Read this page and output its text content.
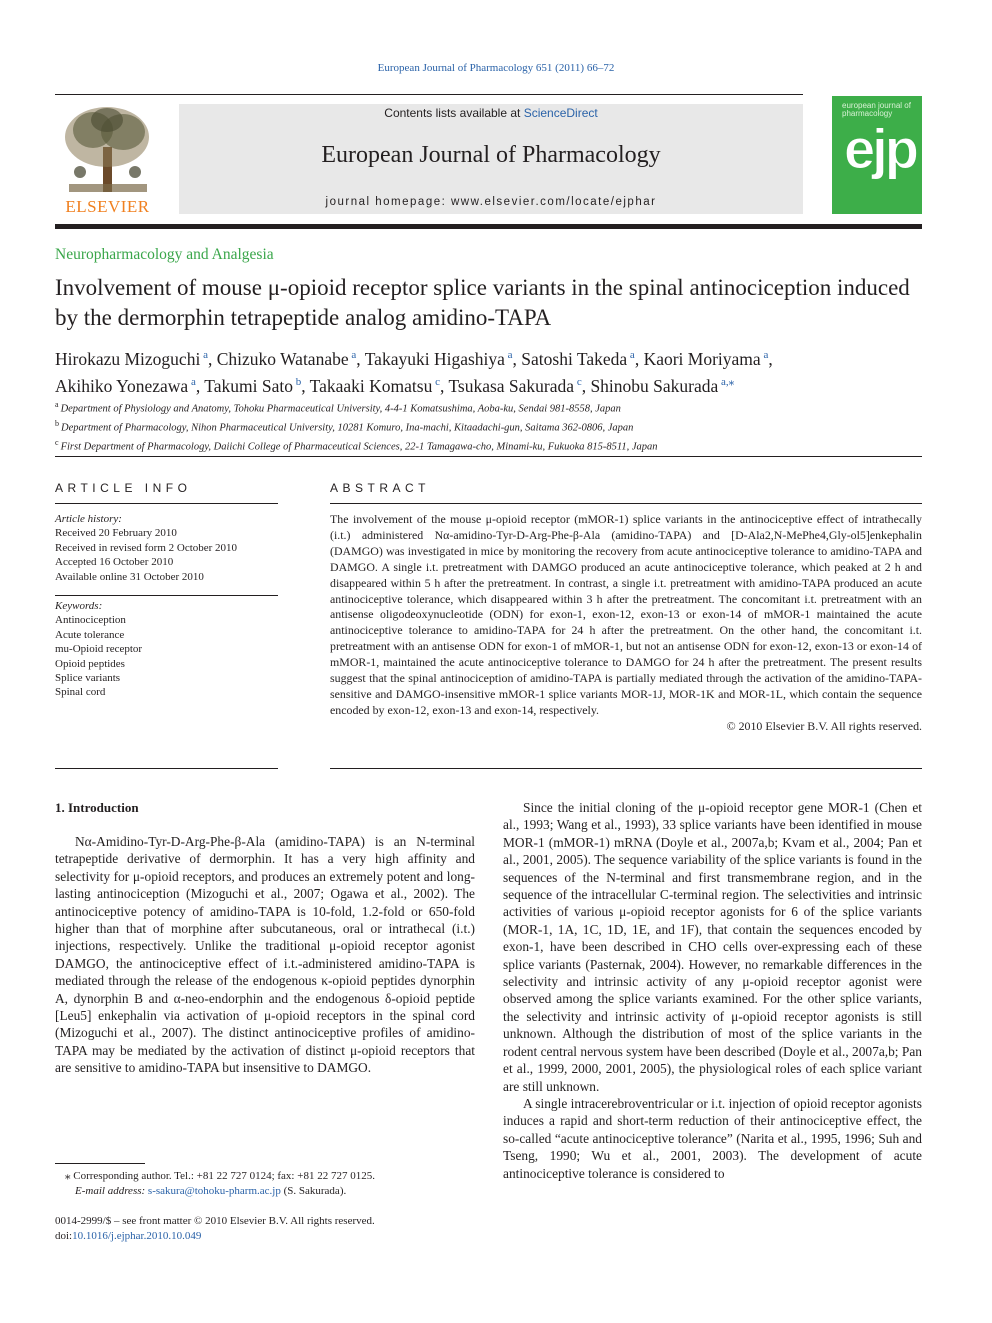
European Journal of Pharmacology 651 (2011) 66–72
ELSEVIER
Contents lists available at ScienceDirect
European Journal of Pharmacology
journal homepage: www.elsevier.com/locate/ejphar
european journal of pharmacology
ejp
Neuropharmacology and Analgesia
Involvement of mouse μ-opioid receptor splice variants in the spinal antinociception induced by the dermorphin tetrapeptide analog amidino-TAPA
Hirokazu Mizoguchi $^a$, Chizuko Watanabe $^a$, Takayuki Higashiya $^a$, Satoshi Takeda $^a$, Kaori Moriyama $^a$,
Akihiko Yonezawa $^a$, Takumi Sato $^b$, Takaaki Komatsu $^c$, Tsukasa Sakurada $^c$, Shinobu Sakurada $^{a,⁎}$
$^a$ Department of Physiology and Anatomy, Tohoku Pharmaceutical University, 4-4-1 Komatsushima, Aoba-ku, Sendai 981-8558, Japan
$^b$ Department of Pharmacology, Nihon Pharmaceutical University, 10281 Komuro, Ina-machi, Kitaadachi-gun, Saitama 362-0806, Japan
$^c$ First Department of Pharmacology, Daiichi College of Pharmaceutical Sciences, 22-1 Tamagawa-cho, Minami-ku, Fukuoka 815-8511, Japan
ARTICLE INFO	ABSTRACT
Article history:
Received 20 February 2010
Received in revised form 2 October 2010
Accepted 16 October 2010
Available online 31 October 2010
Keywords:
Antinociception
Acute tolerance
mu-Opioid receptor
Opioid peptides
Splice variants
Spinal cord
The involvement of the mouse μ-opioid receptor (mMOR-1) splice variants in the antinociceptive effect of intrathecally (i.t.) administered Nα-amidino-Tyr-D-Arg-Phe-β-Ala (amidino-TAPA) and [D-Ala2,N-MePhe4,Gly-ol5]enkephalin (DAMGO) was investigated in mice by monitoring the recovery from acute antinociceptive tolerance to amidino-TAPA and DAMGO. A single i.t. pretreatment with DAMGO produced an acute antinociceptive tolerance, which peaked at 2 h and disappeared within 5 h after the pretreatment. In contrast, a single i.t. pretreatment with amidino-TAPA produced an acute antinociceptive tolerance, which disappeared within 3 h after the pretreatment. The concomitant i.t. pretreatment with an antisense oligodeoxynucleotide (ODN) for exon-1, exon-12, exon-13 or exon-14 of mMOR-1 maintained the acute antinociceptive tolerance to amidino-TAPA for 24 h after the pretreatment. On the other hand, the concomitant i.t. pretreatment with an antisense ODN for exon-1 of mMOR-1, but not an antisense ODN for exon-12, exon-13 or exon-14 of mMOR-1, maintained the acute antinociceptive tolerance to DAMGO for 24 h after the pretreatment. The present results suggest that the spinal antinociception of amidino-TAPA is partially mediated through the activation of the amidino-TAPA-sensitive and DAMGO-insensitive mMOR-1 splice variants MOR-1J, MOR-1K and MOR-1L, which contain the sequence encoded by exon-12, exon-13 and exon-14, respectively.
© 2010 Elsevier B.V. All rights reserved.
1. Introduction

Nα-Amidino-Tyr-D-Arg-Phe-β-Ala (amidino-TAPA) is an N-terminal tetrapeptide derivative of dermorphin. It has a very high affinity and selectivity for μ-opioid receptors, and produces an extremely potent and long-lasting antinociception (Mizoguchi et al., 2007; Ogawa et al., 2002). The antinociceptive potency of amidino-TAPA is 10-fold, 1.2-fold or 650-fold higher than that of morphine after subcutaneous, oral or intrathecal (i.t.) injections, respectively. Unlike the traditional μ-opioid receptor agonist DAMGO, the antinociceptive effect of i.t.-administered amidino-TAPA is mediated through the release of the endogenous κ-opioid peptides dynorphin A, dynorphin B and α-neo-endorphin and the endogenous δ-opioid peptide [Leu5] enkephalin via activation of μ-opioid receptors in the spinal cord (Mizoguchi et al., 2007). The distinct antinociceptive profiles of amidino-TAPA may be mediated by the activation of distinct μ-opioid receptors that are sensitive to amidino-TAPA but insensitive to DAMGO.

Since the initial cloning of the μ-opioid receptor gene MOR-1 (Chen et al., 1993; Wang et al., 1993), 33 splice variants have been identified in mouse MOR-1 (mMOR-1) mRNA (Doyle et al., 2007a,b; Kvam et al., 2004; Pan et al., 2001, 2005). The sequence variability of the splice variants is found in the sequences of the N-terminal and first transmembrane region, and in the sequence of the intracellular C-terminal region. The selectivities and intrinsic activities of various μ-opioid receptor agonists for 6 of the splice variants (MOR-1, 1A, 1C, 1D, 1E, and 1F), that contain the sequences encoded by exon-1, have been described in CHO cells over-expressing each of these splice variants (Pasternak, 2004). However, no remarkable differences in the selectivity and intrinsic activity of any μ-opioid receptor agonist were observed among the splice variants examined. For the other splice variants, the selectivity and intrinsic activity of μ-opioid receptor agonists is still unknown. Although the distribution of most of the splice variants in the rodent central nervous system have been described (Doyle et al., 2007a,b; Pan et al., 1999, 2000, 2001, 2005), the physiological roles of each splice variant are still unknown.

A single intracerebroventricular or i.t. injection of opioid receptor agonists induces a rapid and short-term reduction of their antinociceptive effect, the so-called “acute antinociceptive tolerance” (Narita et al., 1995, 1996; Suh and Tseng, 1990; Wu et al., 2001, 2003). The development of acute antinociceptive tolerance is considered to

⁎ Corresponding author. Tel.: +81 22 727 0124; fax: +81 22 727 0125.
E-mail address: s-sakura@tohoku-pharm.ac.jp (S. Sakurada).
0014-2999/$ – see front matter © 2010 Elsevier B.V. All rights reserved.
doi:10.1016/j.ejphar.2010.10.049
